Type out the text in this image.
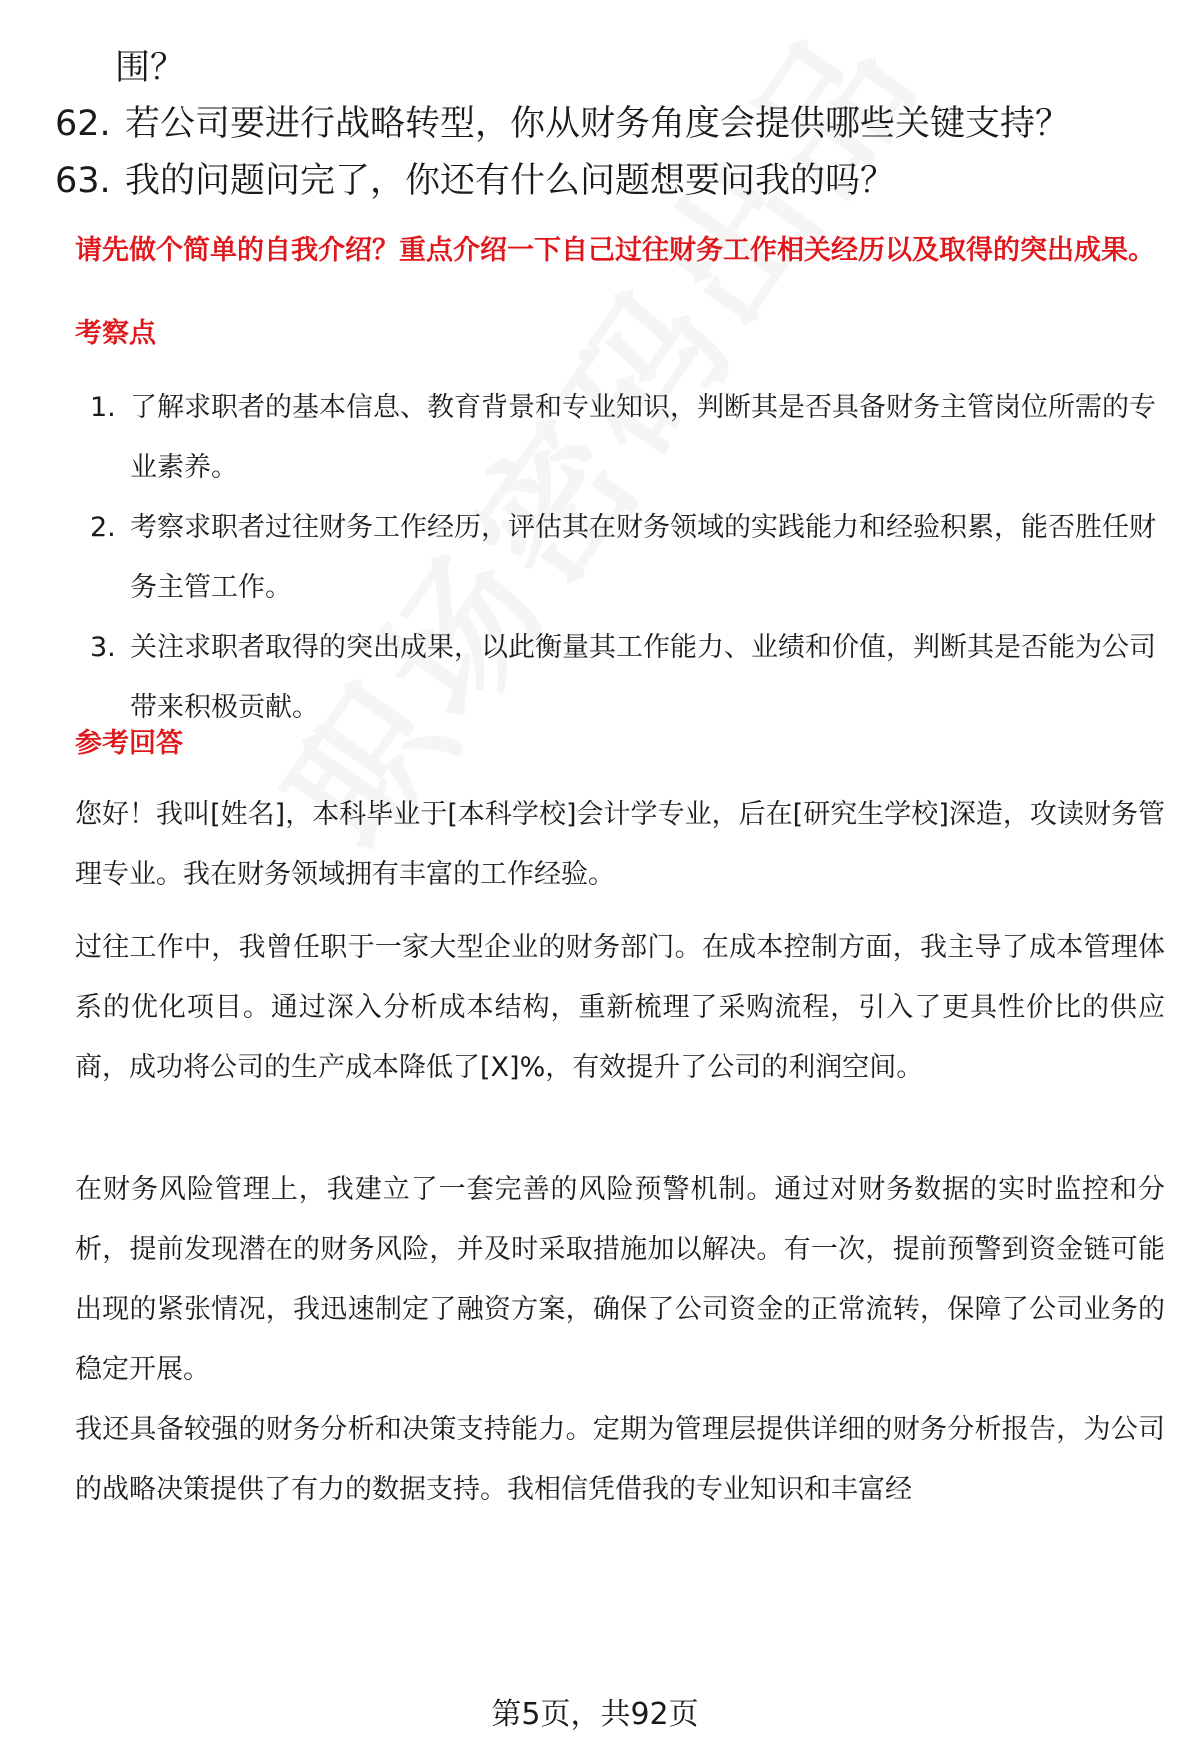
围？
62. 若公司要进行战略转型，你从财务角度会提供哪些关键支持？
63. 我的问题问完了，你还有什么问题想要问我的吗？
请先做个简单的自我介绍？重点介绍一下自己过往财务工作相关经历以及取得的突出成果。
考察点
1. 了解求职者的基本信息、教育背景和专业知识，判断其是否具备财务主管岗位所需的专业素养。
2. 考察求职者过往财务工作经历，评估其在财务领域的实践能力和经验积累，能否胜任财务主管工作。
3. 关注求职者取得的突出成果，以此衡量其工作能力、业绩和价值，判断其是否能为公司带来积极贡献。
参考回答
您好！我叫[姓名]，本科毕业于[本科学校]会计学专业，后在[研究生学校]深造，攻读财务管理专业。我在财务领域拥有丰富的工作经验。
过往工作中，我曾任职于一家大型企业的财务部门。在成本控制方面，我主导了成本管理体系的优化项目。通过深入分析成本结构，重新梳理了采购流程，引入了更具性价比的供应商，成功将公司的生产成本降低了[X]%，有效提升了公司的利润空间。
在财务风险管理上，我建立了一套完善的风险预警机制。通过对财务数据的实时监控和分析，提前发现潜在的财务风险，并及时采取措施加以解决。有一次，提前预警到资金链可能出现的紧张情况，我迅速制定了融资方案，确保了公司资金的正常流转，保障了公司业务的稳定开展。
我还具备较强的财务分析和决策支持能力。定期为管理层提供详细的财务分析报告，为公司的战略决策提供了有力的数据支持。我相信凭借我的专业知识和丰富经
第5页，共92页
